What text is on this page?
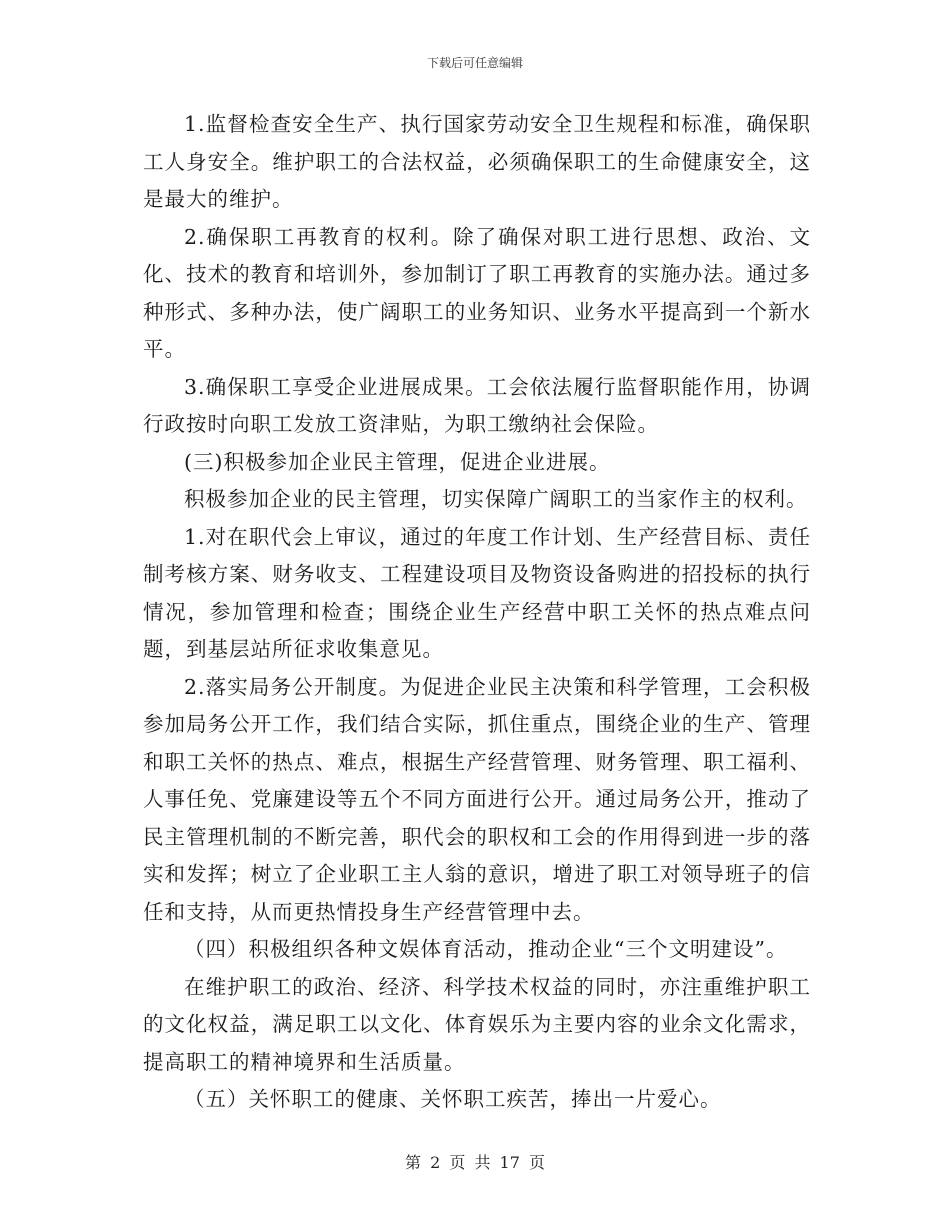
下载后可任意编辑

1.监督检查安全生产、执行国家劳动安全卫生规程和标准，确保职工人身安全。维护职工的合法权益，必须确保职工的生命健康安全，这是最大的维护。

2.确保职工再教育的权利。除了确保对职工进行思想、政治、文化、技术的教育和培训外，参加制订了职工再教育的实施办法。通过多种形式、多种办法，使广阔职工的业务知识、业务水平提高到一个新水平。

3.确保职工享受企业进展成果。工会依法履行监督职能作用，协调行政按时向职工发放工资津贴，为职工缴纳社会保险。

(三)积极参加企业民主管理，促进企业进展。

积极参加企业的民主管理，切实保障广阔职工的当家作主的权利。

1.对在职代会上审议，通过的年度工作计划、生产经营目标、责任制考核方案、财务收支、工程建设项目及物资设备购进的招投标的执行情况，参加管理和检查；围绕企业生产经营中职工关怀的热点难点问题，到基层站所征求收集意见。

2.落实局务公开制度。为促进企业民主决策和科学管理，工会积极参加局务公开工作，我们结合实际，抓住重点，围绕企业的生产、管理和职工关怀的热点、难点，根据生产经营管理、财务管理、职工福利、人事任免、党廉建设等五个不同方面进行公开。通过局务公开，推动了民主管理机制的不断完善，职代会的职权和工会的作用得到进一步的落实和发挥；树立了企业职工主人翁的意识，增进了职工对领导班子的信任和支持，从而更热情投身生产经营管理中去。

（四）积极组织各种文娱体育活动，推动企业“三个文明建设”。

在维护职工的政治、经济、科学技术权益的同时，亦注重维护职工的文化权益，满足职工以文化、体育娱乐为主要内容的业余文化需求，提高职工的精神境界和生活质量。

（五）关怀职工的健康、关怀职工疾苦，捧出一片爱心。

第 2 页 共 17 页
